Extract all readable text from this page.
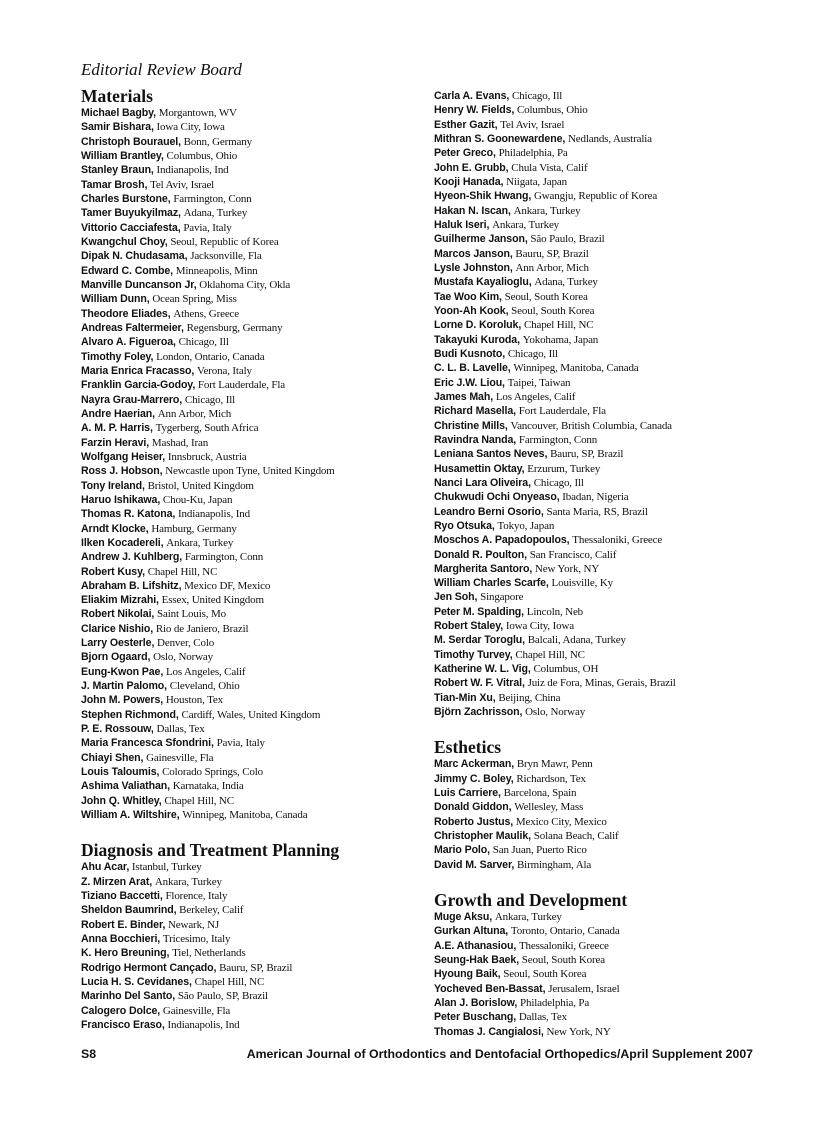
Editorial Review Board
Materials
Michael Bagby, Morgantown, WV
Samir Bishara, Iowa City, Iowa
Christoph Bourauel, Bonn, Germany
William Brantley, Columbus, Ohio
Stanley Braun, Indianapolis, Ind
Tamar Brosh, Tel Aviv, Israel
Charles Burstone, Farmington, Conn
Tamer Buyukyilmaz, Adana, Turkey
Vittorio Cacciafesta, Pavia, Italy
Kwangchul Choy, Seoul, Republic of Korea
Dipak N. Chudasama, Jacksonville, Fla
Edward C. Combe, Minneapolis, Minn
Manville Duncanson Jr, Oklahoma City, Okla
William Dunn, Ocean Spring, Miss
Theodore Eliades, Athens, Greece
Andreas Faltermeier, Regensburg, Germany
Alvaro A. Figueroa, Chicago, Ill
Timothy Foley, London, Ontario, Canada
Maria Enrica Fracasso, Verona, Italy
Franklin Garcia-Godoy, Fort Lauderdale, Fla
Nayra Grau-Marrero, Chicago, Ill
Andre Haerian, Ann Arbor, Mich
A. M. P. Harris, Tygerberg, South Africa
Farzin Heravi, Mashad, Iran
Wolfgang Heiser, Innsbruck, Austria
Ross J. Hobson, Newcastle upon Tyne, United Kingdom
Tony Ireland, Bristol, United Kingdom
Haruo Ishikawa, Chou-Ku, Japan
Thomas R. Katona, Indianapolis, Ind
Arndt Klocke, Hamburg, Germany
Ilken Kocadereli, Ankara, Turkey
Andrew J. Kuhlberg, Farmington, Conn
Robert Kusy, Chapel Hill, NC
Abraham B. Lifshitz, Mexico DF, Mexico
Eliakim Mizrahi, Essex, United Kingdom
Robert Nikolai, Saint Louis, Mo
Clarice Nishio, Rio de Janiero, Brazil
Larry Oesterle, Denver, Colo
Bjorn Ogaard, Oslo, Norway
Eung-Kwon Pae, Los Angeles, Calif
J. Martin Palomo, Cleveland, Ohio
John M. Powers, Houston, Tex
Stephen Richmond, Cardiff, Wales, United Kingdom
P. E. Rossouw, Dallas, Tex
Maria Francesca Sfondrini, Pavia, Italy
Chiayi Shen, Gainesville, Fla
Louis Taloumis, Colorado Springs, Colo
Ashima Valiathan, Karnataka, India
John Q. Whitley, Chapel Hill, NC
William A. Wiltshire, Winnipeg, Manitoba, Canada
Diagnosis and Treatment Planning
Ahu Acar, Istanbul, Turkey
Z. Mirzen Arat, Ankara, Turkey
Tiziano Baccetti, Florence, Italy
Sheldon Baumrind, Berkeley, Calif
Robert E. Binder, Newark, NJ
Anna Bocchieri, Tricesimo, Italy
K. Hero Breuning, Tiel, Netherlands
Rodrigo Hermont Cançado, Bauru, SP, Brazil
Lucia H. S. Cevidanes, Chapel Hill, NC
Marinho Del Santo, São Paulo, SP, Brazil
Calogero Dolce, Gainesville, Fla
Francisco Eraso, Indianapolis, Ind
Carla A. Evans, Chicago, Ill
Henry W. Fields, Columbus, Ohio
Esther Gazit, Tel Aviv, Israel
Mithran S. Goonewardene, Nedlands, Australia
Peter Greco, Philadelphia, Pa
John E. Grubb, Chula Vista, Calif
Kooji Hanada, Niigata, Japan
Hyeon-Shik Hwang, Gwangju, Republic of Korea
Hakan N. Iscan, Ankara, Turkey
Haluk Iseri, Ankara, Turkey
Guilherme Janson, São Paulo, Brazil
Marcos Janson, Bauru, SP, Brazil
Lysle Johnston, Ann Arbor, Mich
Mustafa Kayalioglu, Adana, Turkey
Tae Woo Kim, Seoul, South Korea
Yoon-Ah Kook, Seoul, South Korea
Lorne D. Koroluk, Chapel Hill, NC
Takayuki Kuroda, Yokohama, Japan
Budi Kusnoto, Chicago, Ill
C. L. B. Lavelle, Winnipeg, Manitoba, Canada
Eric J.W. Liou, Taipei, Taiwan
James Mah, Los Angeles, Calif
Richard Masella, Fort Lauderdale, Fla
Christine Mills, Vancouver, British Columbia, Canada
Ravindra Nanda, Farmington, Conn
Leniana Santos Neves, Bauru, SP, Brazil
Husamettin Oktay, Erzurum, Turkey
Nanci Lara Oliveira, Chicago, Ill
Chukwudi Ochi Onyeaso, Ibadan, Nigeria
Leandro Berni Osorio, Santa Maria, RS, Brazil
Ryo Otsuka, Tokyo, Japan
Moschos A. Papadopoulos, Thessaloniki, Greece
Donald R. Poulton, San Francisco, Calif
Margherita Santoro, New York, NY
William Charles Scarfe, Louisville, Ky
Jen Soh, Singapore
Peter M. Spalding, Lincoln, Neb
Robert Staley, Iowa City, Iowa
M. Serdar Toroglu, Balcali, Adana, Turkey
Timothy Turvey, Chapel Hill, NC
Katherine W. L. Vig, Columbus, OH
Robert W. F. Vitral, Juiz de Fora, Minas, Gerais, Brazil
Tian-Min Xu, Beijing, China
Björn Zachrisson, Oslo, Norway
Esthetics
Marc Ackerman, Bryn Mawr, Penn
Jimmy C. Boley, Richardson, Tex
Luis Carriere, Barcelona, Spain
Donald Giddon, Wellesley, Mass
Roberto Justus, Mexico City, Mexico
Christopher Maulik, Solana Beach, Calif
Mario Polo, San Juan, Puerto Rico
David M. Sarver, Birmingham, Ala
Growth and Development
Muge Aksu, Ankara, Turkey
Gurkan Altuna, Toronto, Ontario, Canada
A.E. Athanasiou, Thessaloniki, Greece
Seung-Hak Baek, Seoul, South Korea
Hyoung Baik, Seoul, South Korea
Yocheved Ben-Bassat, Jerusalem, Israel
Alan J. Borislow, Philadelphia, Pa
Peter Buschang, Dallas, Tex
Thomas J. Cangialosi, New York, NY
S8	American Journal of Orthodontics and Dentofacial Orthopedics/April Supplement 2007
